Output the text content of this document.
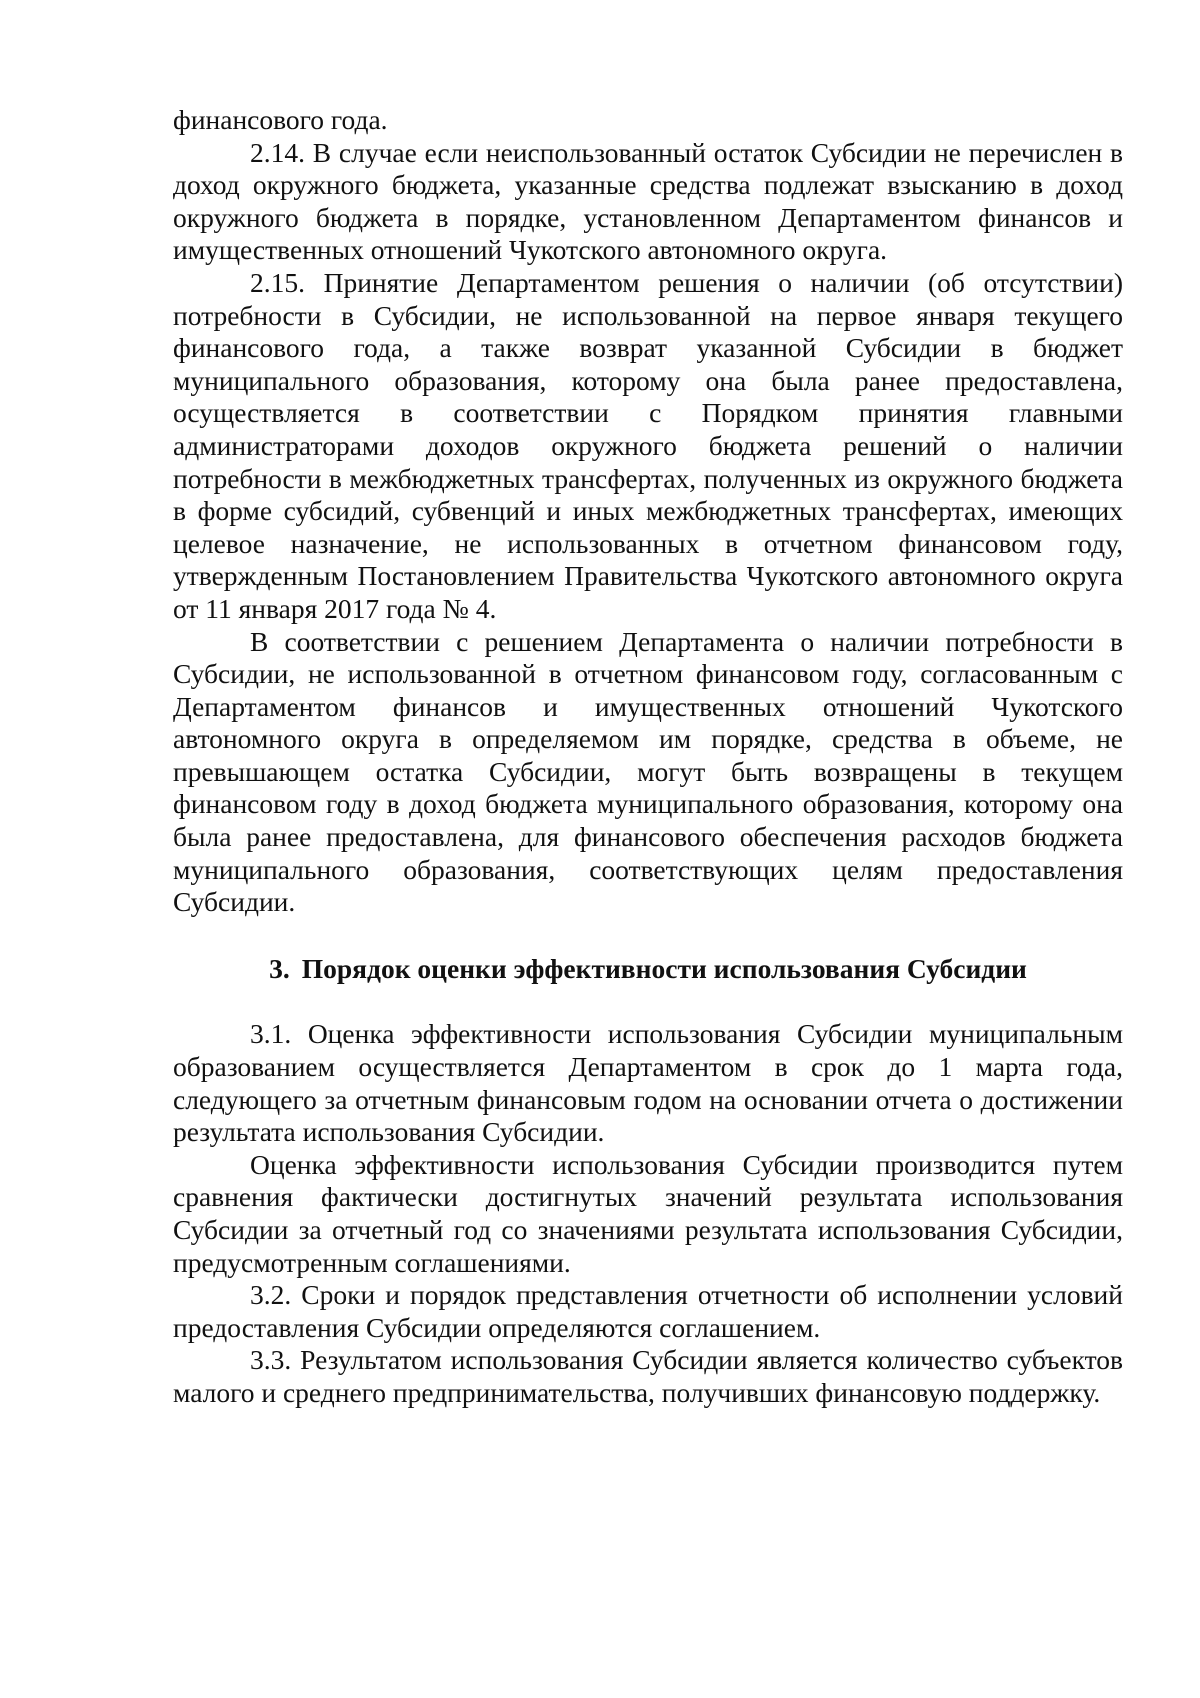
финансового года.

2.14. В случае если неиспользованный остаток Субсидии не перечислен в доход окружного бюджета, указанные средства подлежат взысканию в доход окружного бюджета в порядке, установленном Департаментом финансов и имущественных отношений Чукотского автономного округа.

2.15. Принятие Департаментом решения о наличии (об отсутствии) потребности в Субсидии, не использованной на первое января текущего финансового года, а также возврат указанной Субсидии в бюджет муниципального образования, которому она была ранее предоставлена, осуществляется в соответствии с Порядком принятия главными администраторами доходов окружного бюджета решений о наличии потребности в межбюджетных трансфертах, полученных из окружного бюджета в форме субсидий, субвенций и иных межбюджетных трансфертах, имеющих целевое назначение, не использованных в отчетном финансовом году, утвержденным Постановлением Правительства Чукотского автономного округа от 11 января 2017 года № 4.

В соответствии с решением Департамента о наличии потребности в Субсидии, не использованной в отчетном финансовом году, согласованным с Департаментом финансов и имущественных отношений Чукотского автономного округа в определяемом им порядке, средства в объеме, не превышающем остатка Субсидии, могут быть возвращены в текущем финансовом году в доход бюджета муниципального образования, которому она была ранее предоставлена, для финансового обеспечения расходов бюджета муниципального образования, соответствующих целям предоставления Субсидии.

3. Порядок оценки эффективности использования Субсидии

3.1. Оценка эффективности использования Субсидии муниципальным образованием осуществляется Департаментом в срок до 1 марта года, следующего за отчетным финансовым годом на основании отчета о достижении результата использования Субсидии.

Оценка эффективности использования Субсидии производится путем сравнения фактически достигнутых значений результата использования Субсидии за отчетный год со значениями результата использования Субсидии, предусмотренным соглашениями.

3.2. Сроки и порядок представления отчетности об исполнении условий предоставления Субсидии определяются соглашением.

3.3. Результатом использования Субсидии является количество субъектов малого и среднего предпринимательства, получивших финансовую поддержку.
